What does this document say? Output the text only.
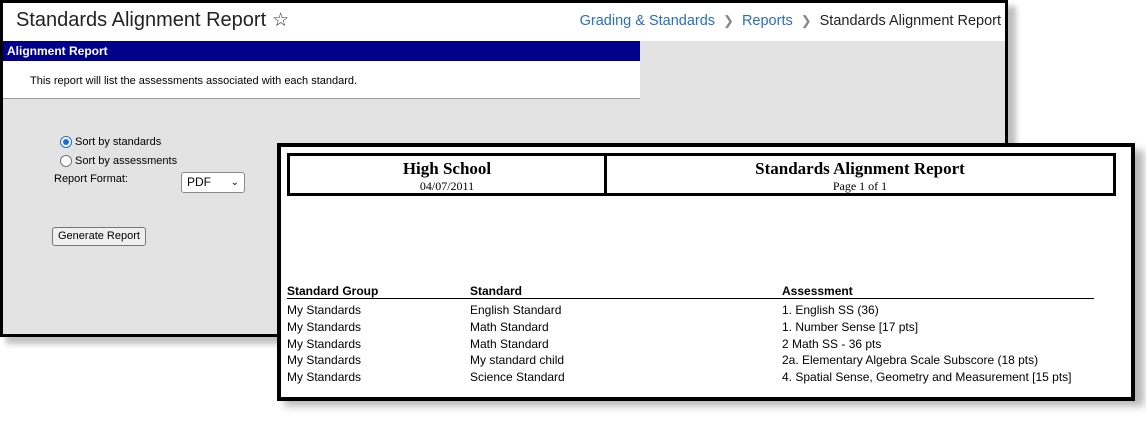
Standards Alignment Report ☆	Grading & Standards ❯ Reports ❯ Standards Alignment Report
Alignment Report
This report will list the assessments associated with each standard.
Sort by standards
Sort by assessments
Report Format:	PDF ⌄
Generate Report
High School
04/07/2011
Standards Alignment Report
Page 1 of 1
Standard Group	Standard	Assessment
My Standards	English Standard	1. English SS (36)
My Standards	Math Standard	1. Number Sense [17 pts]
My Standards	Math Standard	2 Math SS - 36 pts
My Standards	My standard child	2a. Elementary Algebra Scale Subscore (18 pts)
My Standards	Science Standard	4. Spatial Sense, Geometry and Measurement [15 pts]
